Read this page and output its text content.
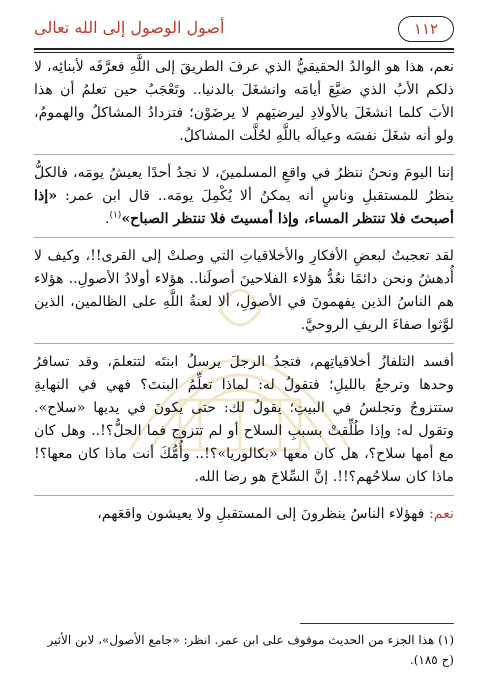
أصول الوصول إلى الله تعالى	١١٢

نعم، هذا هو الوالدُ الحقيقيُّ الذي عرفَ الطريقَ إلى اللَّهِ فعرَّفَه لأبنائِه، لا ذلكم الأبُ الذي ضيَّعَ أيامَه وانشغَلَ بالدنيا.. وتَعْجَبُ حين تعلمُ أن هذا الأبَ كلما انشغَلَ بالأولادِ ليرضيَهم لا يرضَوْن؛ فتزدادُ المشاكلُ والهمومُ، ولو أنه شغَلَ نفسَه وعيالَه باللَّهِ لحُلَّت المشاكلُ.

إننا اليومَ ونحنُ ننظرُ في واقعِ المسلمينَ، لا نجدُ أحدًا يعيشُ يومَه، فالكلُّ ينظرُ للمستقبلِ وناسٍ أنه يمكنُ ألا يُكْمِلَ يومَه.. قال ابن عمر: «إذا أصبحتَ فلا تنتظر المساء، وإذا أمسيتَ فلا تنتظر الصباح»$^{(١)}$.

لقد تعجبتُ لبعضِ الأفكارِ والأخلاقياتِ التي وصلتْ إلى القرى!!، وكيف لا أُدهشُ ونحن دائمًا نعُدُّ هؤلاء الفلاحينَ أصولَنا.. هؤلاء أولادُ الأصولِ.. هؤلاء هم الناسُ الذين يفهمونَ في الأصولِ، ألا لعنةُ اللَّهِ على الظالمين، الذين لوَّثوا صفاءَ الريفِ الروحيَّ.

أفسد التلفازُ أخلاقياتِهم، فتجدُ الرجلَ يرسلُ ابنتَه لتتعلمَ، وقد تسافرُ وحدها وترجعُ بالليلِ؛ فتقولُ له: لماذا تعلِّمُ البنتَ؟ فهي في النهايةِ ستتزوجُ وتجلسُ في البيتِ؛ يقولُ لك: حتى يكونَ في يديها «سلاح». وتقول له: وإذا طُلِّقتْ بسببِ السلاح أو لم تتزوج فما الحلُّ؟!.. وهل كان مع أمها سلاح؟، هل كان معها «بكالوريا»؟!.. وأُمُّكَ أنت ماذا كان معها؟! ماذا كان سلاحُهم؟!!. إنَّ السِّلاحَ هو رضا الله.

نعم: فهؤلاء الناسُ ينظرونَ إلى المستقبلِ ولا يعيشون واقعَهم،

(١) هذا الجزء من الحديث موقوف على ابن عمر. انظر: «جامع الأصول»، لابن الأثير (ح ١٨٥).
